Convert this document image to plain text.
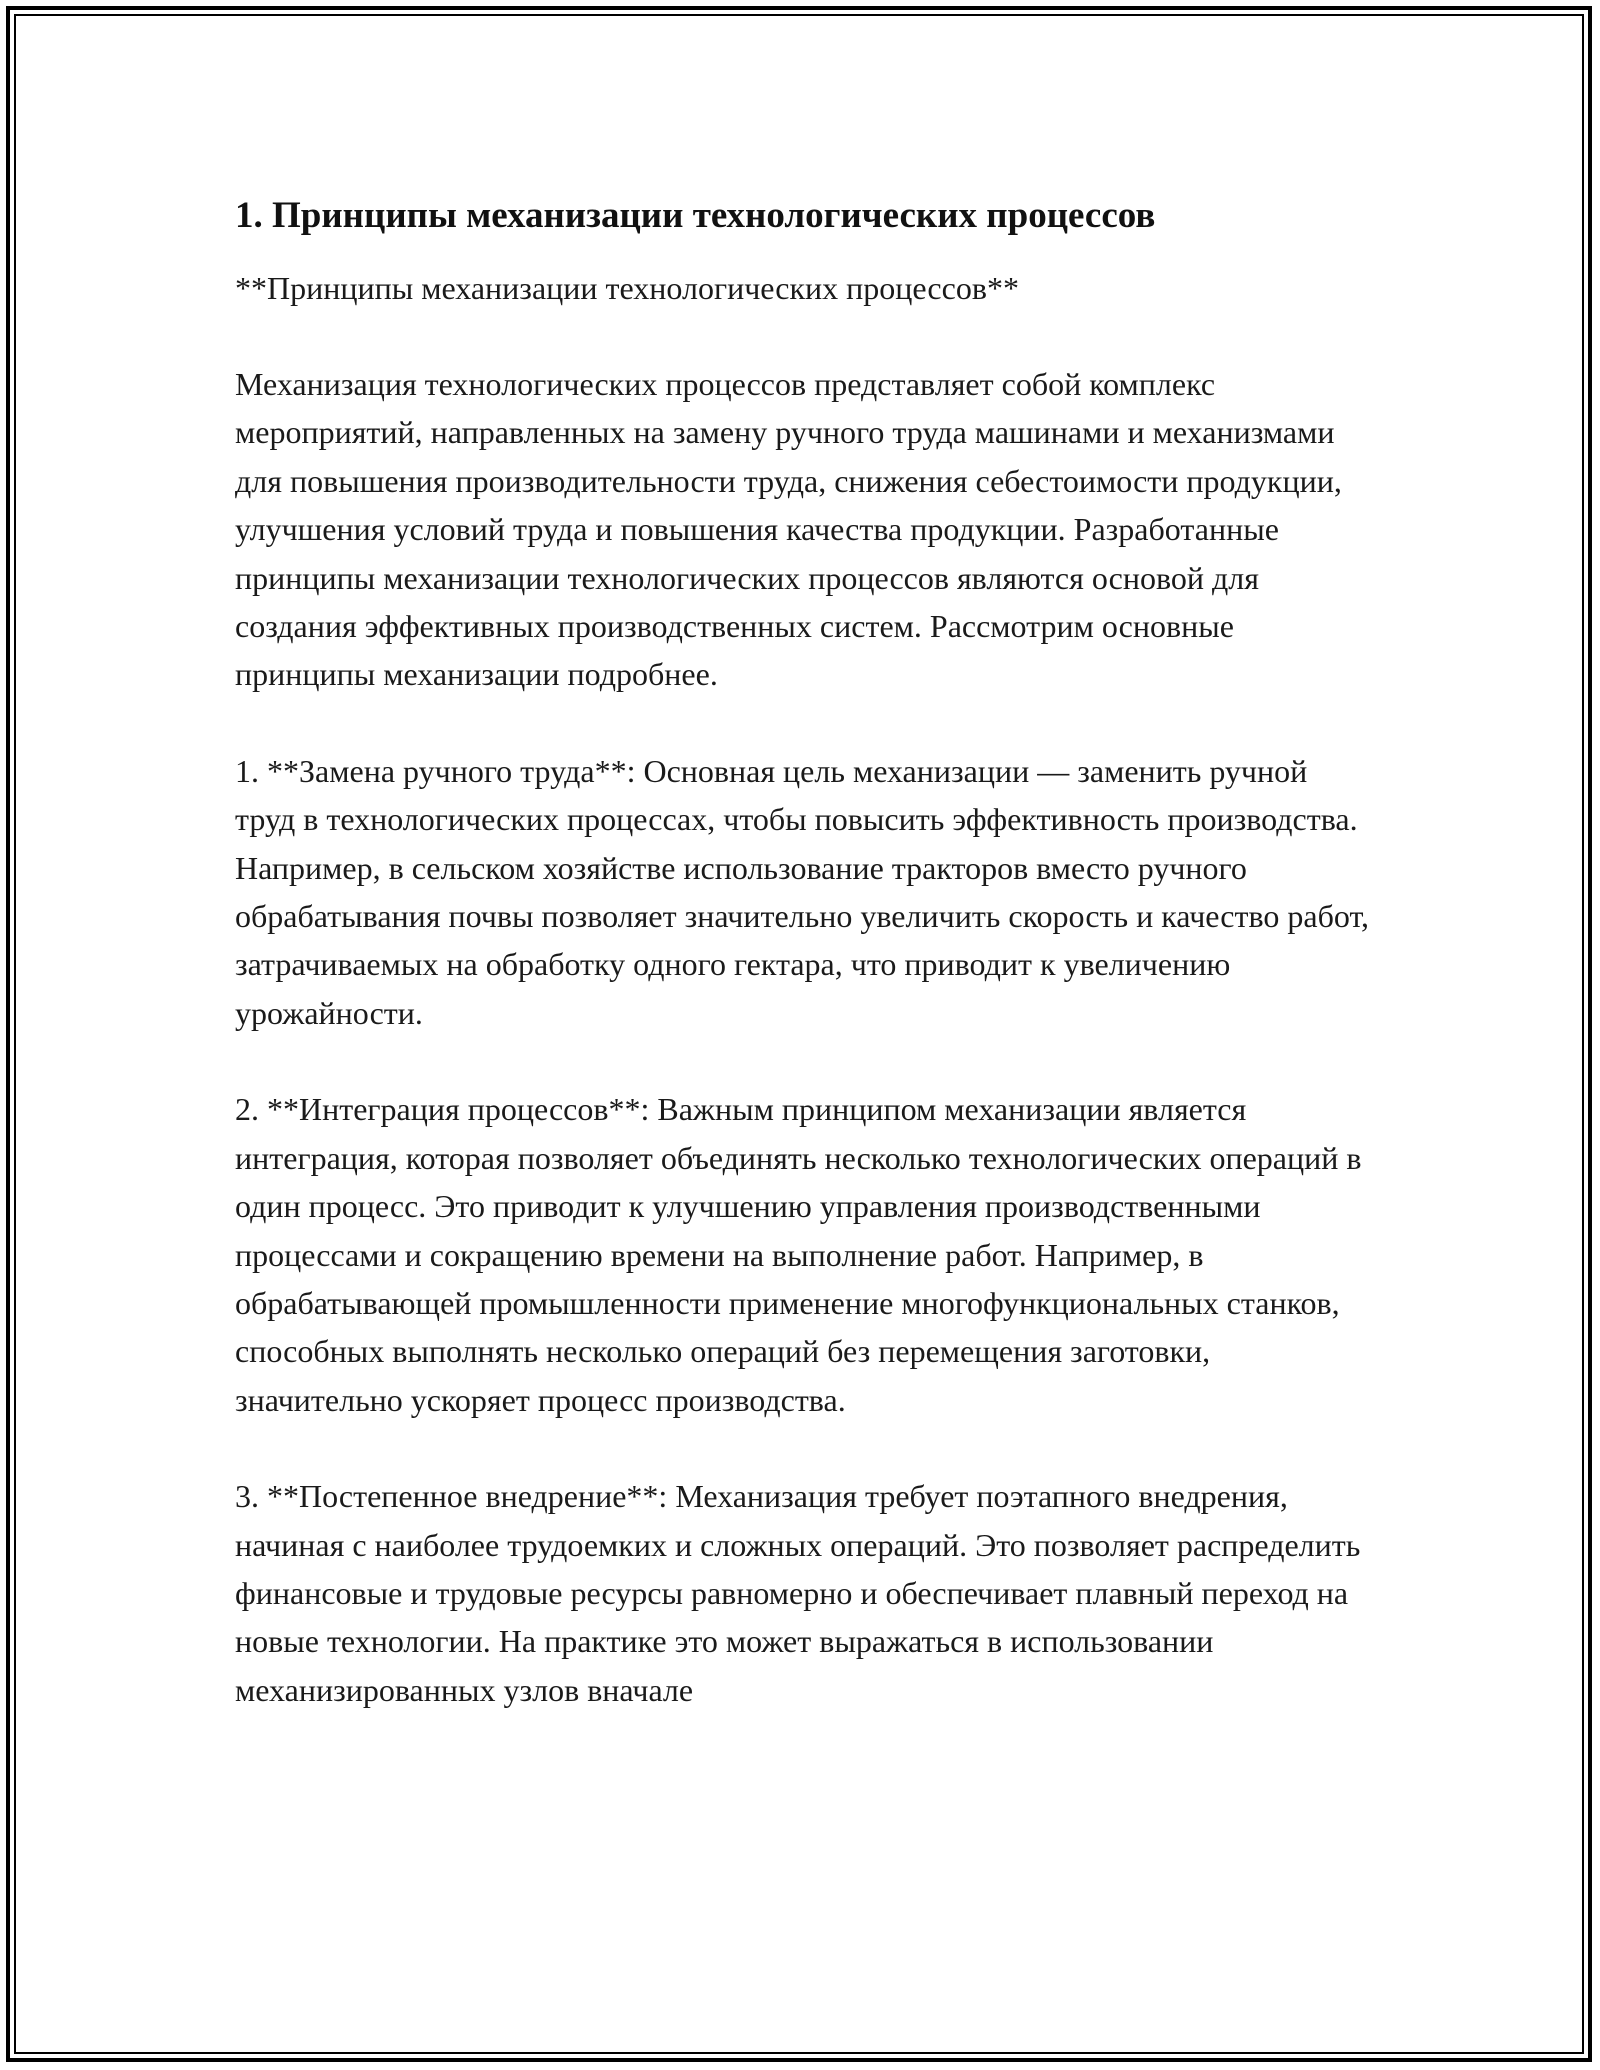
1. Принципы механизации технологических процессов

**Принципы механизации технологических процессов**

Механизация технологических процессов представляет собой комплекс мероприятий, направленных на замену ручного труда машинами и механизмами для повышения производительности труда, снижения себестоимости продукции, улучшения условий труда и повышения качества продукции. Разработанные принципы механизации технологических процессов являются основой для создания эффективных производственных систем. Рассмотрим основные принципы механизации подробнее.

1. **Замена ручного труда**: Основная цель механизации — заменить ручной труд в технологических процессах, чтобы повысить эффективность производства. Например, в сельском хозяйстве использование тракторов вместо ручного обрабатывания почвы позволяет значительно увеличить скорость и качество работ, затрачиваемых на обработку одного гектара, что приводит к увеличению урожайности.

2. **Интеграция процессов**: Важным принципом механизации является интеграция, которая позволяет объединять несколько технологических операций в один процесс. Это приводит к улучшению управления производственными процессами и сокращению времени на выполнение работ. Например, в обрабатывающей промышленности применение многофункциональных станков, способных выполнять несколько операций без перемещения заготовки, значительно ускоряет процесс производства.

3. **Постепенное внедрение**: Механизация требует поэтапного внедрения, начиная с наиболее трудоемких и сложных операций. Это позволяет распределить финансовые и трудовые ресурсы равномерно и обеспечивает плавный переход на новые технологии. На практике это может выражаться в использовании механизированных узлов вначале
